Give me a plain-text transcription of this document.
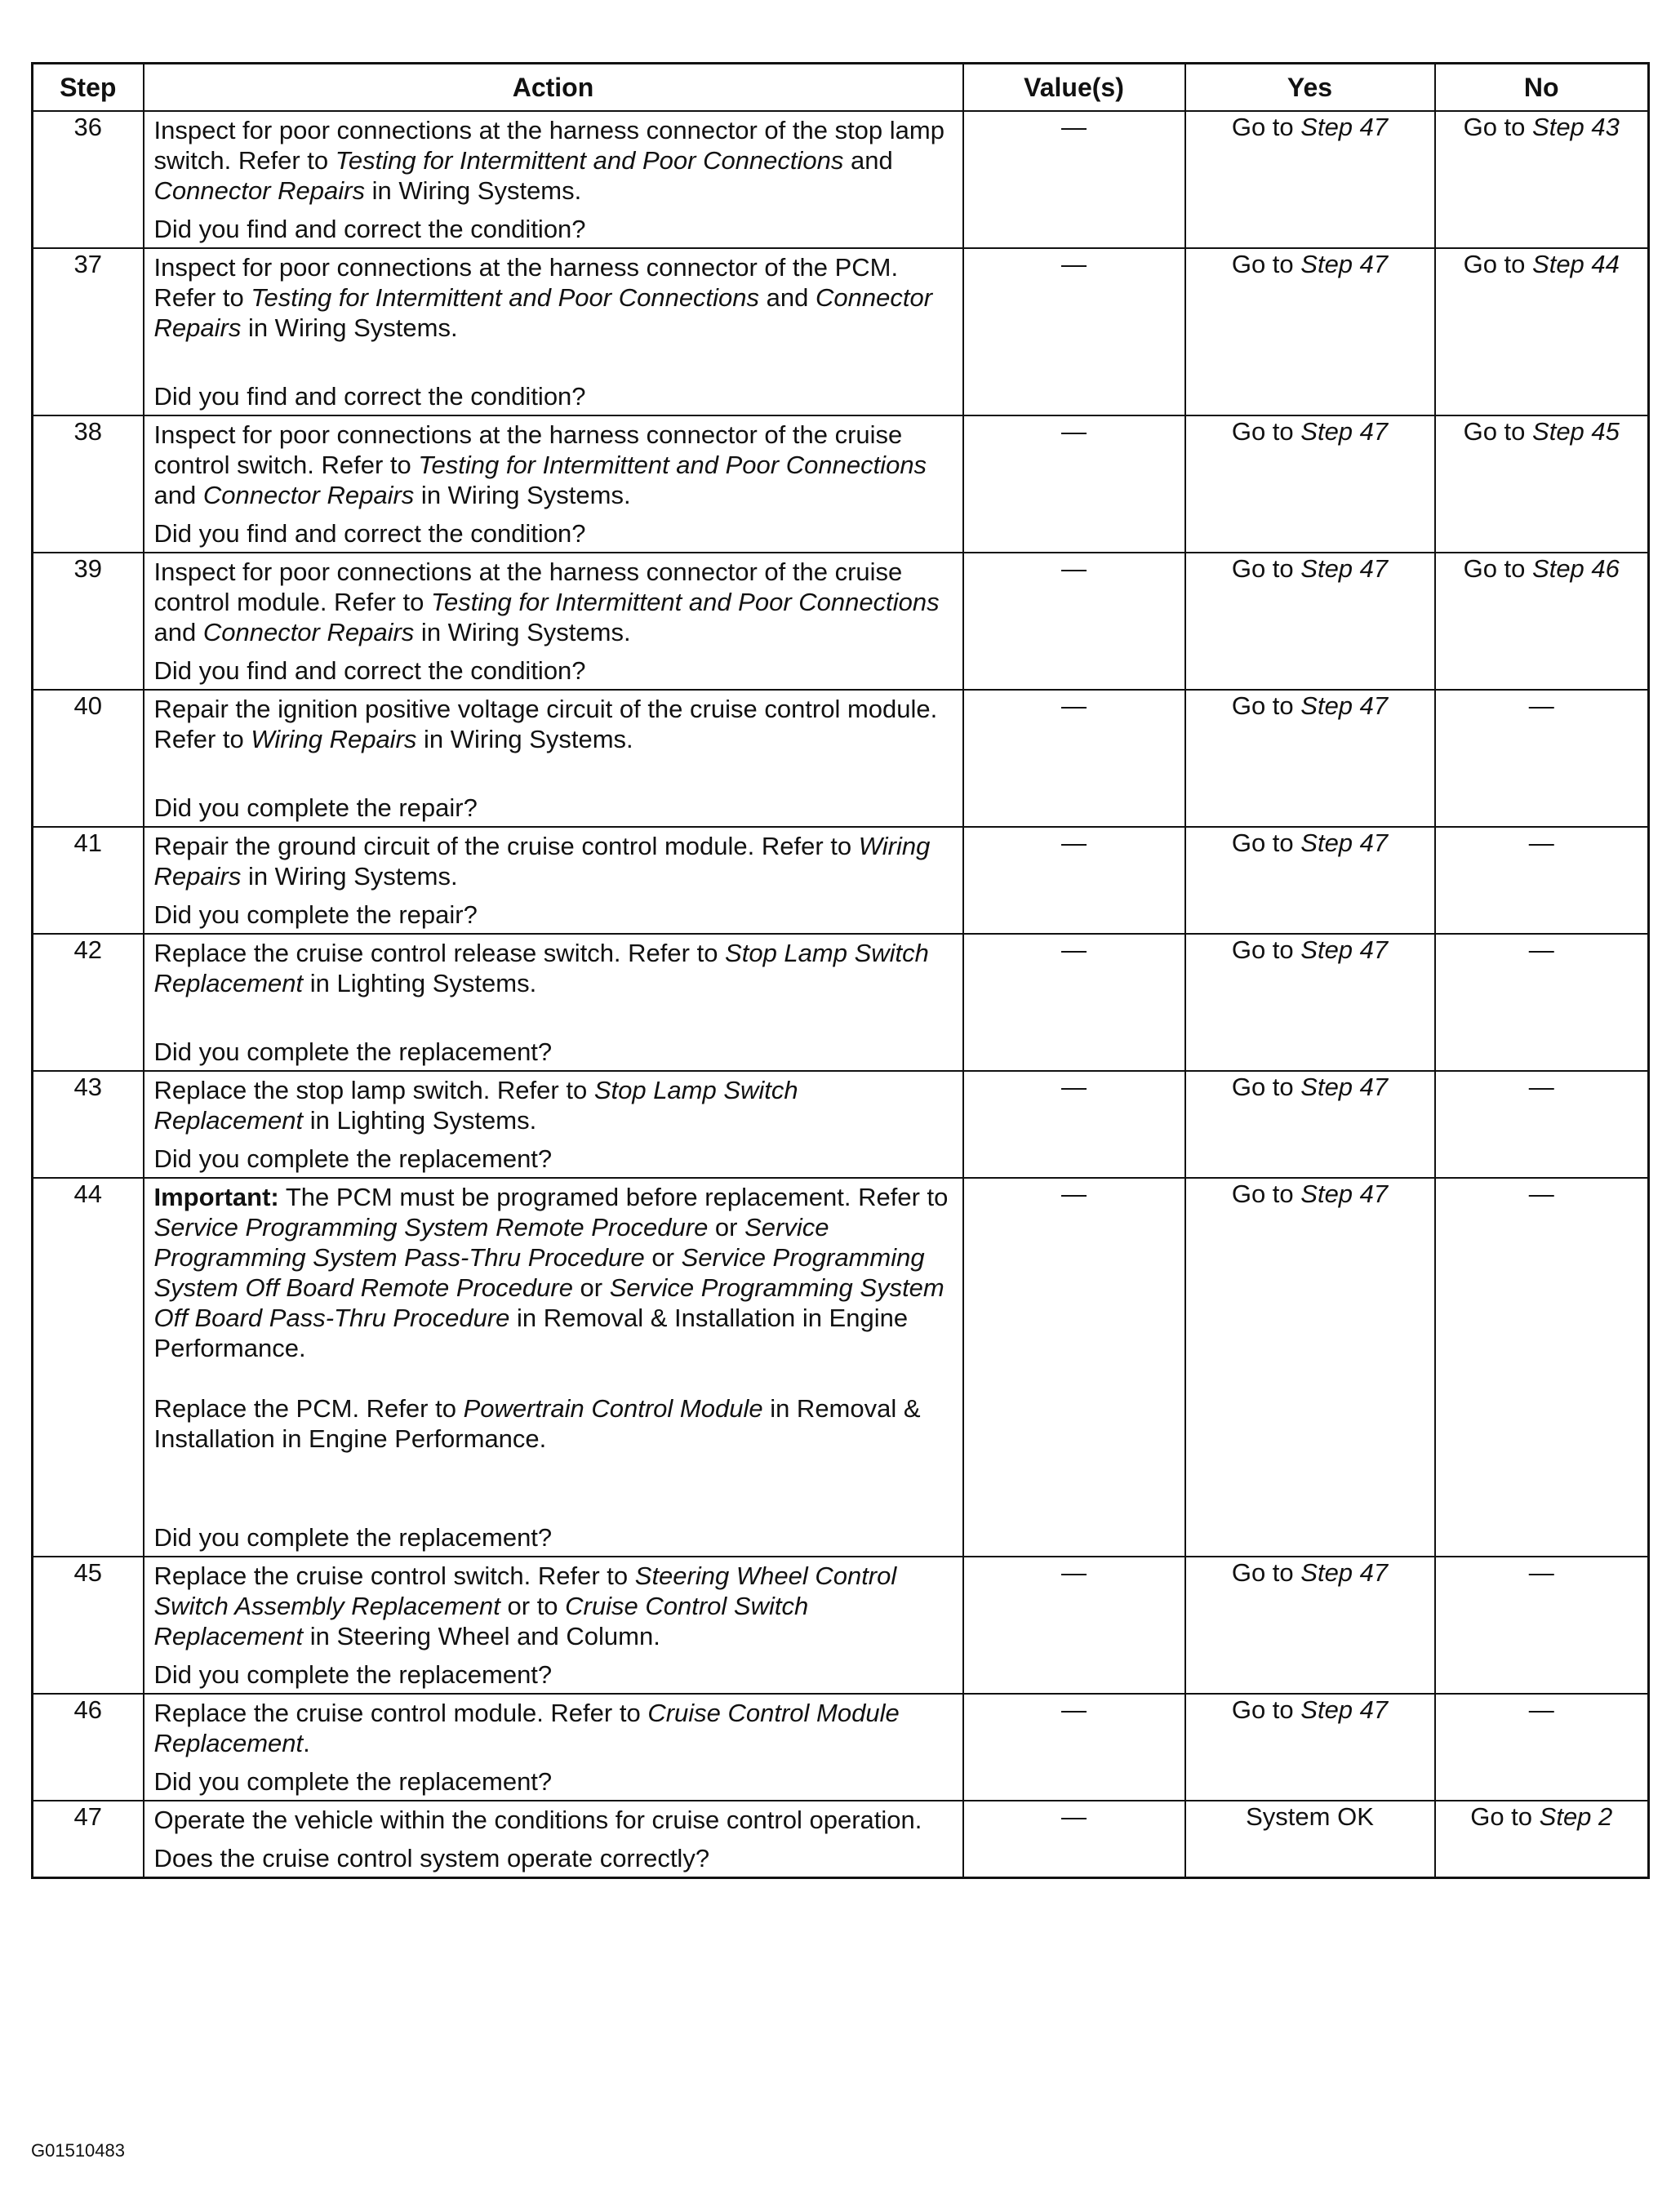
Step	Action	Value(s)	Yes	No
36	Inspect for poor connections at the harness connector of the stop lamp switch. Refer to Testing for Intermittent and Poor Connections and Connector Repairs in Wiring Systems.
Did you find and correct the condition?	—	Go to Step 47	Go to Step 43
37	Inspect for poor connections at the harness connector of the PCM. Refer to Testing for Intermittent and Poor Connections and Connector Repairs in Wiring Systems.
Did you find and correct the condition?	—	Go to Step 47	Go to Step 44
38	Inspect for poor connections at the harness connector of the cruise control switch. Refer to Testing for Intermittent and Poor Connections and Connector Repairs in Wiring Systems.
Did you find and correct the condition?	—	Go to Step 47	Go to Step 45
39	Inspect for poor connections at the harness connector of the cruise control module. Refer to Testing for Intermittent and Poor Connections and Connector Repairs in Wiring Systems.
Did you find and correct the condition?	—	Go to Step 47	Go to Step 46
40	Repair the ignition positive voltage circuit of the cruise control module. Refer to Wiring Repairs in Wiring Systems.
Did you complete the repair?	—	Go to Step 47	—
41	Repair the ground circuit of the cruise control module. Refer to Wiring Repairs in Wiring Systems.
Did you complete the repair?	—	Go to Step 47	—
42	Replace the cruise control release switch. Refer to Stop Lamp Switch Replacement in Lighting Systems.
Did you complete the replacement?	—	Go to Step 47	—
43	Replace the stop lamp switch. Refer to Stop Lamp Switch Replacement in Lighting Systems.
Did you complete the replacement?	—	Go to Step 47	—
44	Important: The PCM must be programed before replacement. Refer to Service Programming System Remote Procedure or Service Programming System Pass-Thru Procedure or Service Programming System Off Board Remote Procedure or Service Programming System Off Board Pass-Thru Procedure in Removal & Installation in Engine Performance.
Replace the PCM. Refer to Powertrain Control Module in Removal & Installation in Engine Performance.
Did you complete the replacement?	—	Go to Step 47	—
45	Replace the cruise control switch. Refer to Steering Wheel Control Switch Assembly Replacement or to Cruise Control Switch Replacement in Steering Wheel and Column.
Did you complete the replacement?	—	Go to Step 47	—
46	Replace the cruise control module. Refer to Cruise Control Module Replacement.
Did you complete the replacement?	—	Go to Step 47	—
47	Operate the vehicle within the conditions for cruise control operation.
Does the cruise control system operate correctly?	—	System OK	Go to Step 2
G01510483
